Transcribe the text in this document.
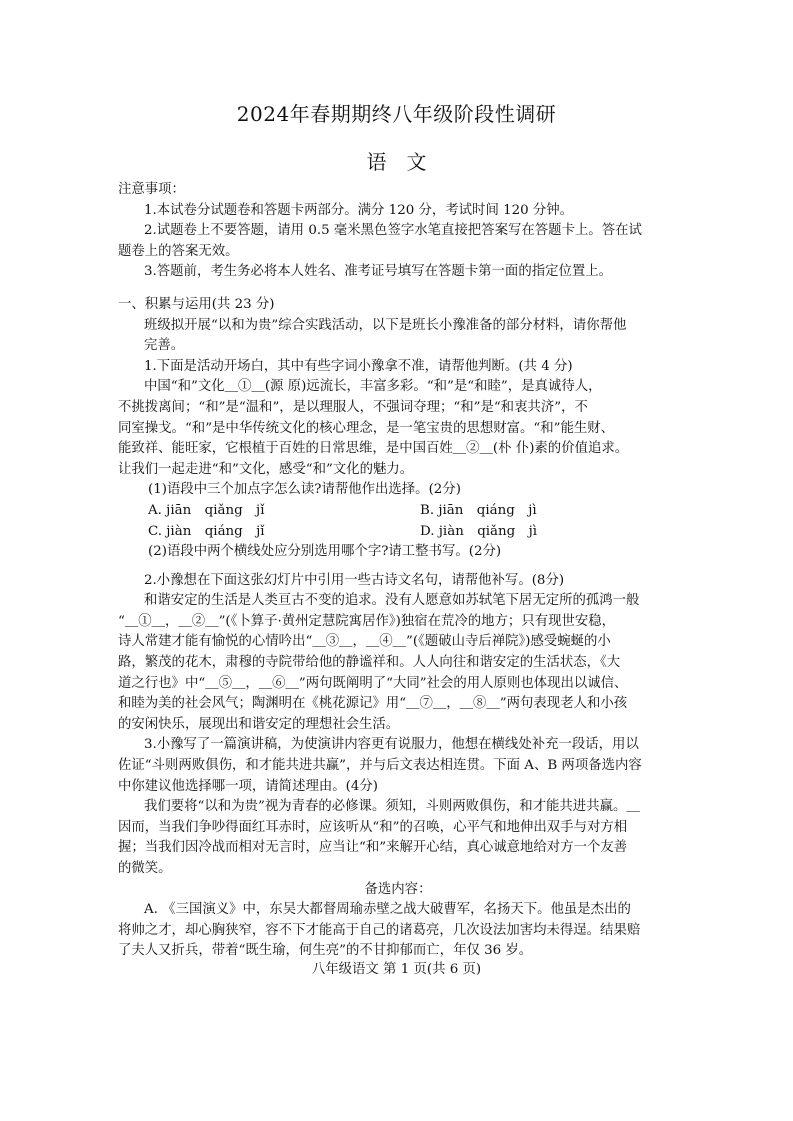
2024年春期期终八年级阶段性调研
语　文
注意事项：
1.本试卷分试题卷和答题卡两部分。满分 120 分，考试时间 120 分钟。
2.试题卷上不要答题，请用 0.5 毫米黑色签字水笔直接把答案写在答题卡上。答在试
题卷上的答案无效。
3.答题前，考生务必将本人姓名、准考证号填写在答题卡第一面的指定位置上。
一、积累与运用(共 23 分)
班级拟开展“以和为贵”综合实践活动，以下是班长小豫准备的部分材料，请你帮他
完善。
1.下面是活动开场白，其中有些字词小豫拿不准，请帮他判断。(共 4 分)
中国“和”文化＿①＿(源 原)远流长，丰富多彩。“和”是“和睦”，是真诚待人，
不挑拨离间；“和”是“温和”，是以理服人，不强词夺理；“和”是“和衷共济”，不
同室操戈。“和”是中华传统文化的核心理念，是一笔宝贵的思想财富。“和”能生财、
能致祥、能旺家，它根植于百姓的日常思维，是中国百姓＿②＿(朴 仆)素的价值追求。
让我们一起走进“和”文化，感受“和”文化的魅力。
(1)语段中三个加点字怎么读?请帮他作出选择。(2分)
A. jiān　qiǎng　jǐ	B. jiān　qiáng　jì
C. jiàn　qiáng　jǐ	D. jiàn　qiǎng　jì
(2)语段中两个横线处应分别选用哪个字?请工整书写。(2分)
2.小豫想在下面这张幻灯片中引用一些古诗文名句，请帮他补写。(8分)
和谐安定的生活是人类亘古不变的追求。没有人愿意如苏轼笔下居无定所的孤鸿一般
“＿①＿，＿②＿”(《卜算子·黄州定慧院寓居作》)独宿在荒冷的地方；只有现世安稳，
诗人常建才能有愉悦的心情吟出“＿③＿，＿④＿”(《题破山寺后禅院》)感受蜿蜒的小
路，繁茂的花木，肃穆的寺院带给他的静谧祥和。人人向往和谐安定的生活状态，《大
道之行也》中“＿⑤＿，＿⑥＿”两句既阐明了“大同”社会的用人原则也体现出以诚信、
和睦为美的社会风气；陶渊明在《桃花源记》用“＿⑦＿，＿⑧＿”两句表现老人和小孩
的安闲快乐，展现出和谐安定的理想社会生活。
3.小豫写了一篇演讲稿，为使演讲内容更有说服力，他想在横线处补充一段话，用以
佐证“斗则两败俱伤，和才能共进共赢”，并与后文表达相连贯。下面 A、B 两项备选内容
中你建议他选择哪一项，请简述理由。(4分)
我们要将“以和为贵”视为青春的必修课。须知，斗则两败俱伤，和才能共进共赢。＿
因而，当我们争吵得面红耳赤时，应该听从“和”的召唤，心平气和地伸出双手与对方相
握；当我们因冷战而相对无言时，应当让“和”来解开心结，真心诚意地给对方一个友善
的微笑。
备选内容：
A. 《三国演义》中，东吴大都督周瑜赤壁之战大破曹军，名扬天下。他虽是杰出的
将帅之才，却心胸狭窄，容不下才能高于自己的诸葛亮，几次设法加害均未得逞。结果赔
了夫人又折兵，带着“既生瑜，何生亮”的不甘抑郁而亡，年仅 36 岁。
八年级语文 第 1 页(共 6 页)
